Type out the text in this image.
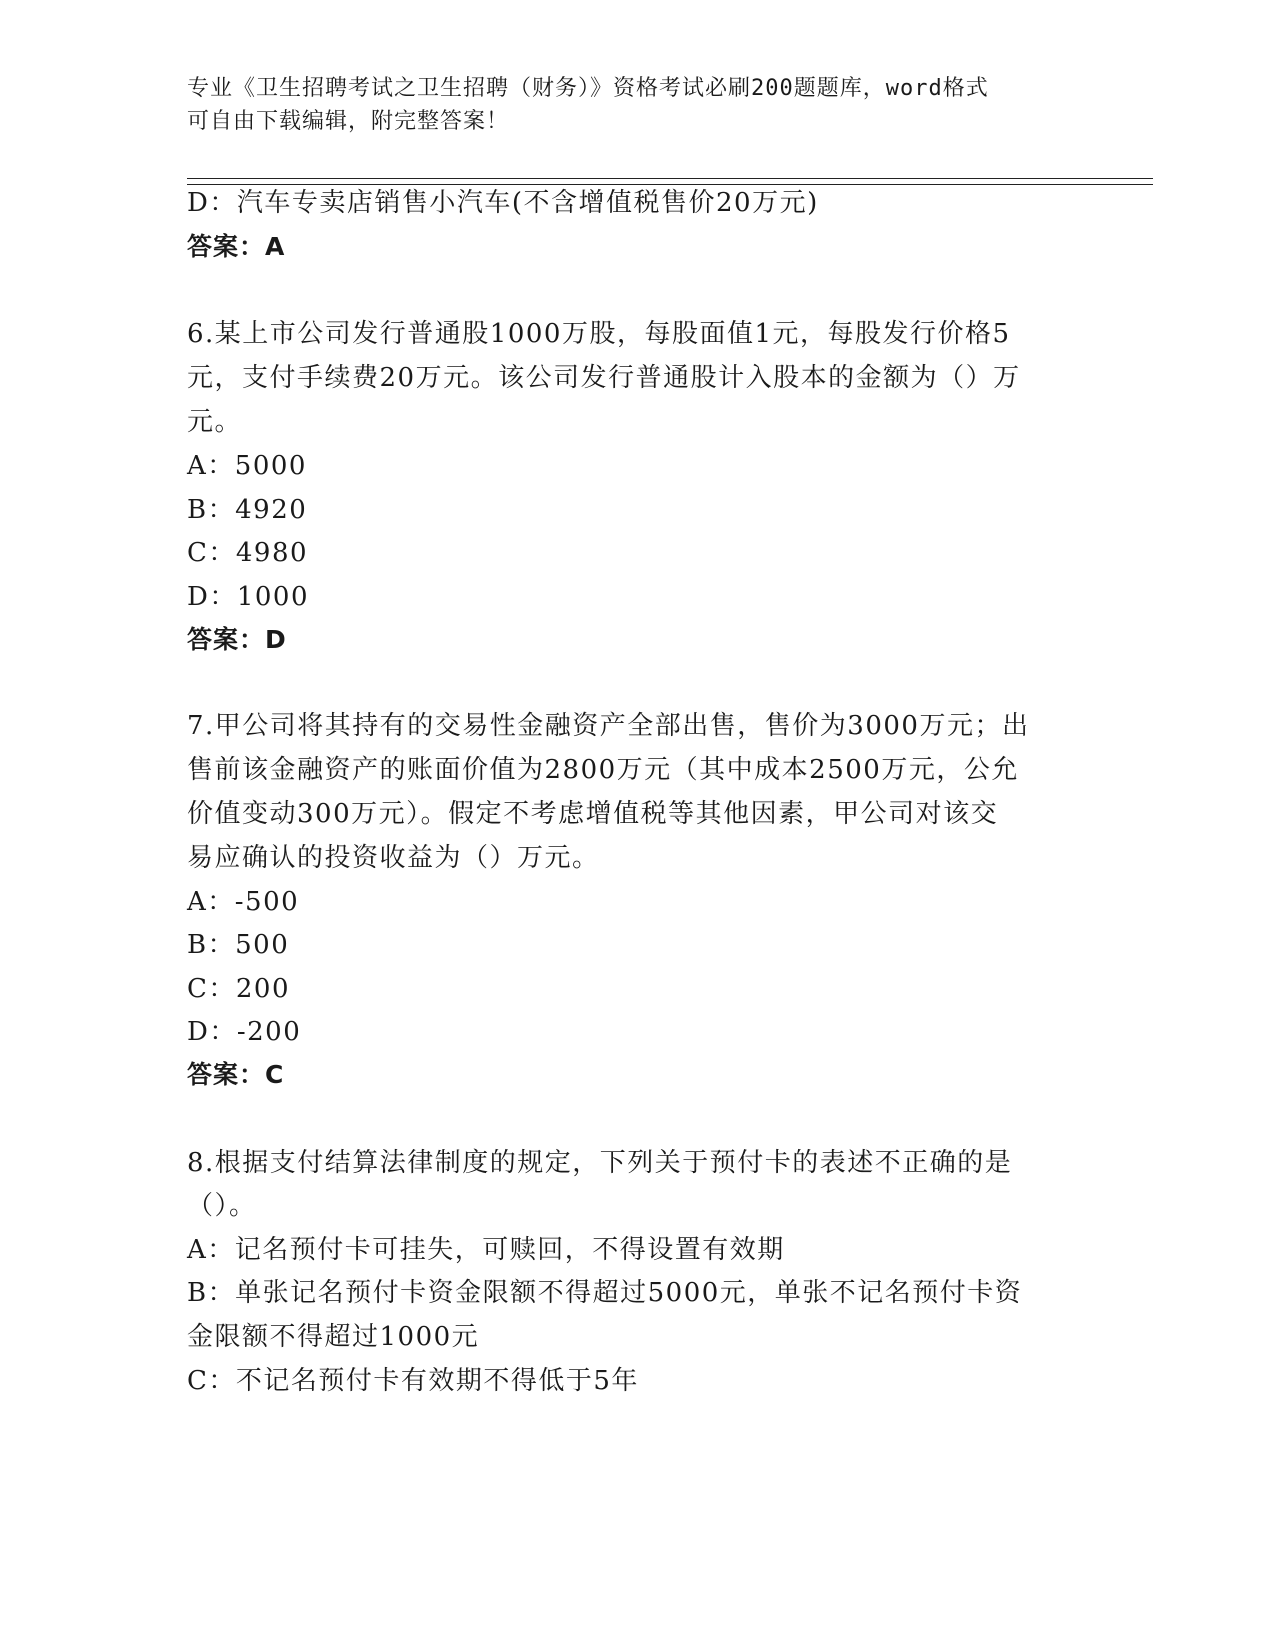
专业《卫生招聘考试之卫生招聘（财务）》资格考试必刷200题题库，word格式
可自由下载编辑，附完整答案！
D：汽车专卖店销售小汽车(不含增值税售价20万元)
答案：A
6.某上市公司发行普通股1000万股，每股面值1元，每股发行价格5
元，支付手续费20万元。该公司发行普通股计入股本的金额为（）万
元。
A：5000
B：4920
C：4980
D：1000
答案：D
7.甲公司将其持有的交易性金融资产全部出售，售价为3000万元；出
售前该金融资产的账面价值为2800万元（其中成本2500万元，公允
价值变动300万元）。假定不考虑增值税等其他因素，甲公司对该交
易应确认的投资收益为（）万元。
A：-500
B：500
C：200
D：-200
答案：C
8.根据支付结算法律制度的规定，下列关于预付卡的表述不正确的是
（）。
A：记名预付卡可挂失，可赎回，不得设置有效期
B：单张记名预付卡资金限额不得超过5000元，单张不记名预付卡资
金限额不得超过1000元
C：不记名预付卡有效期不得低于5年
